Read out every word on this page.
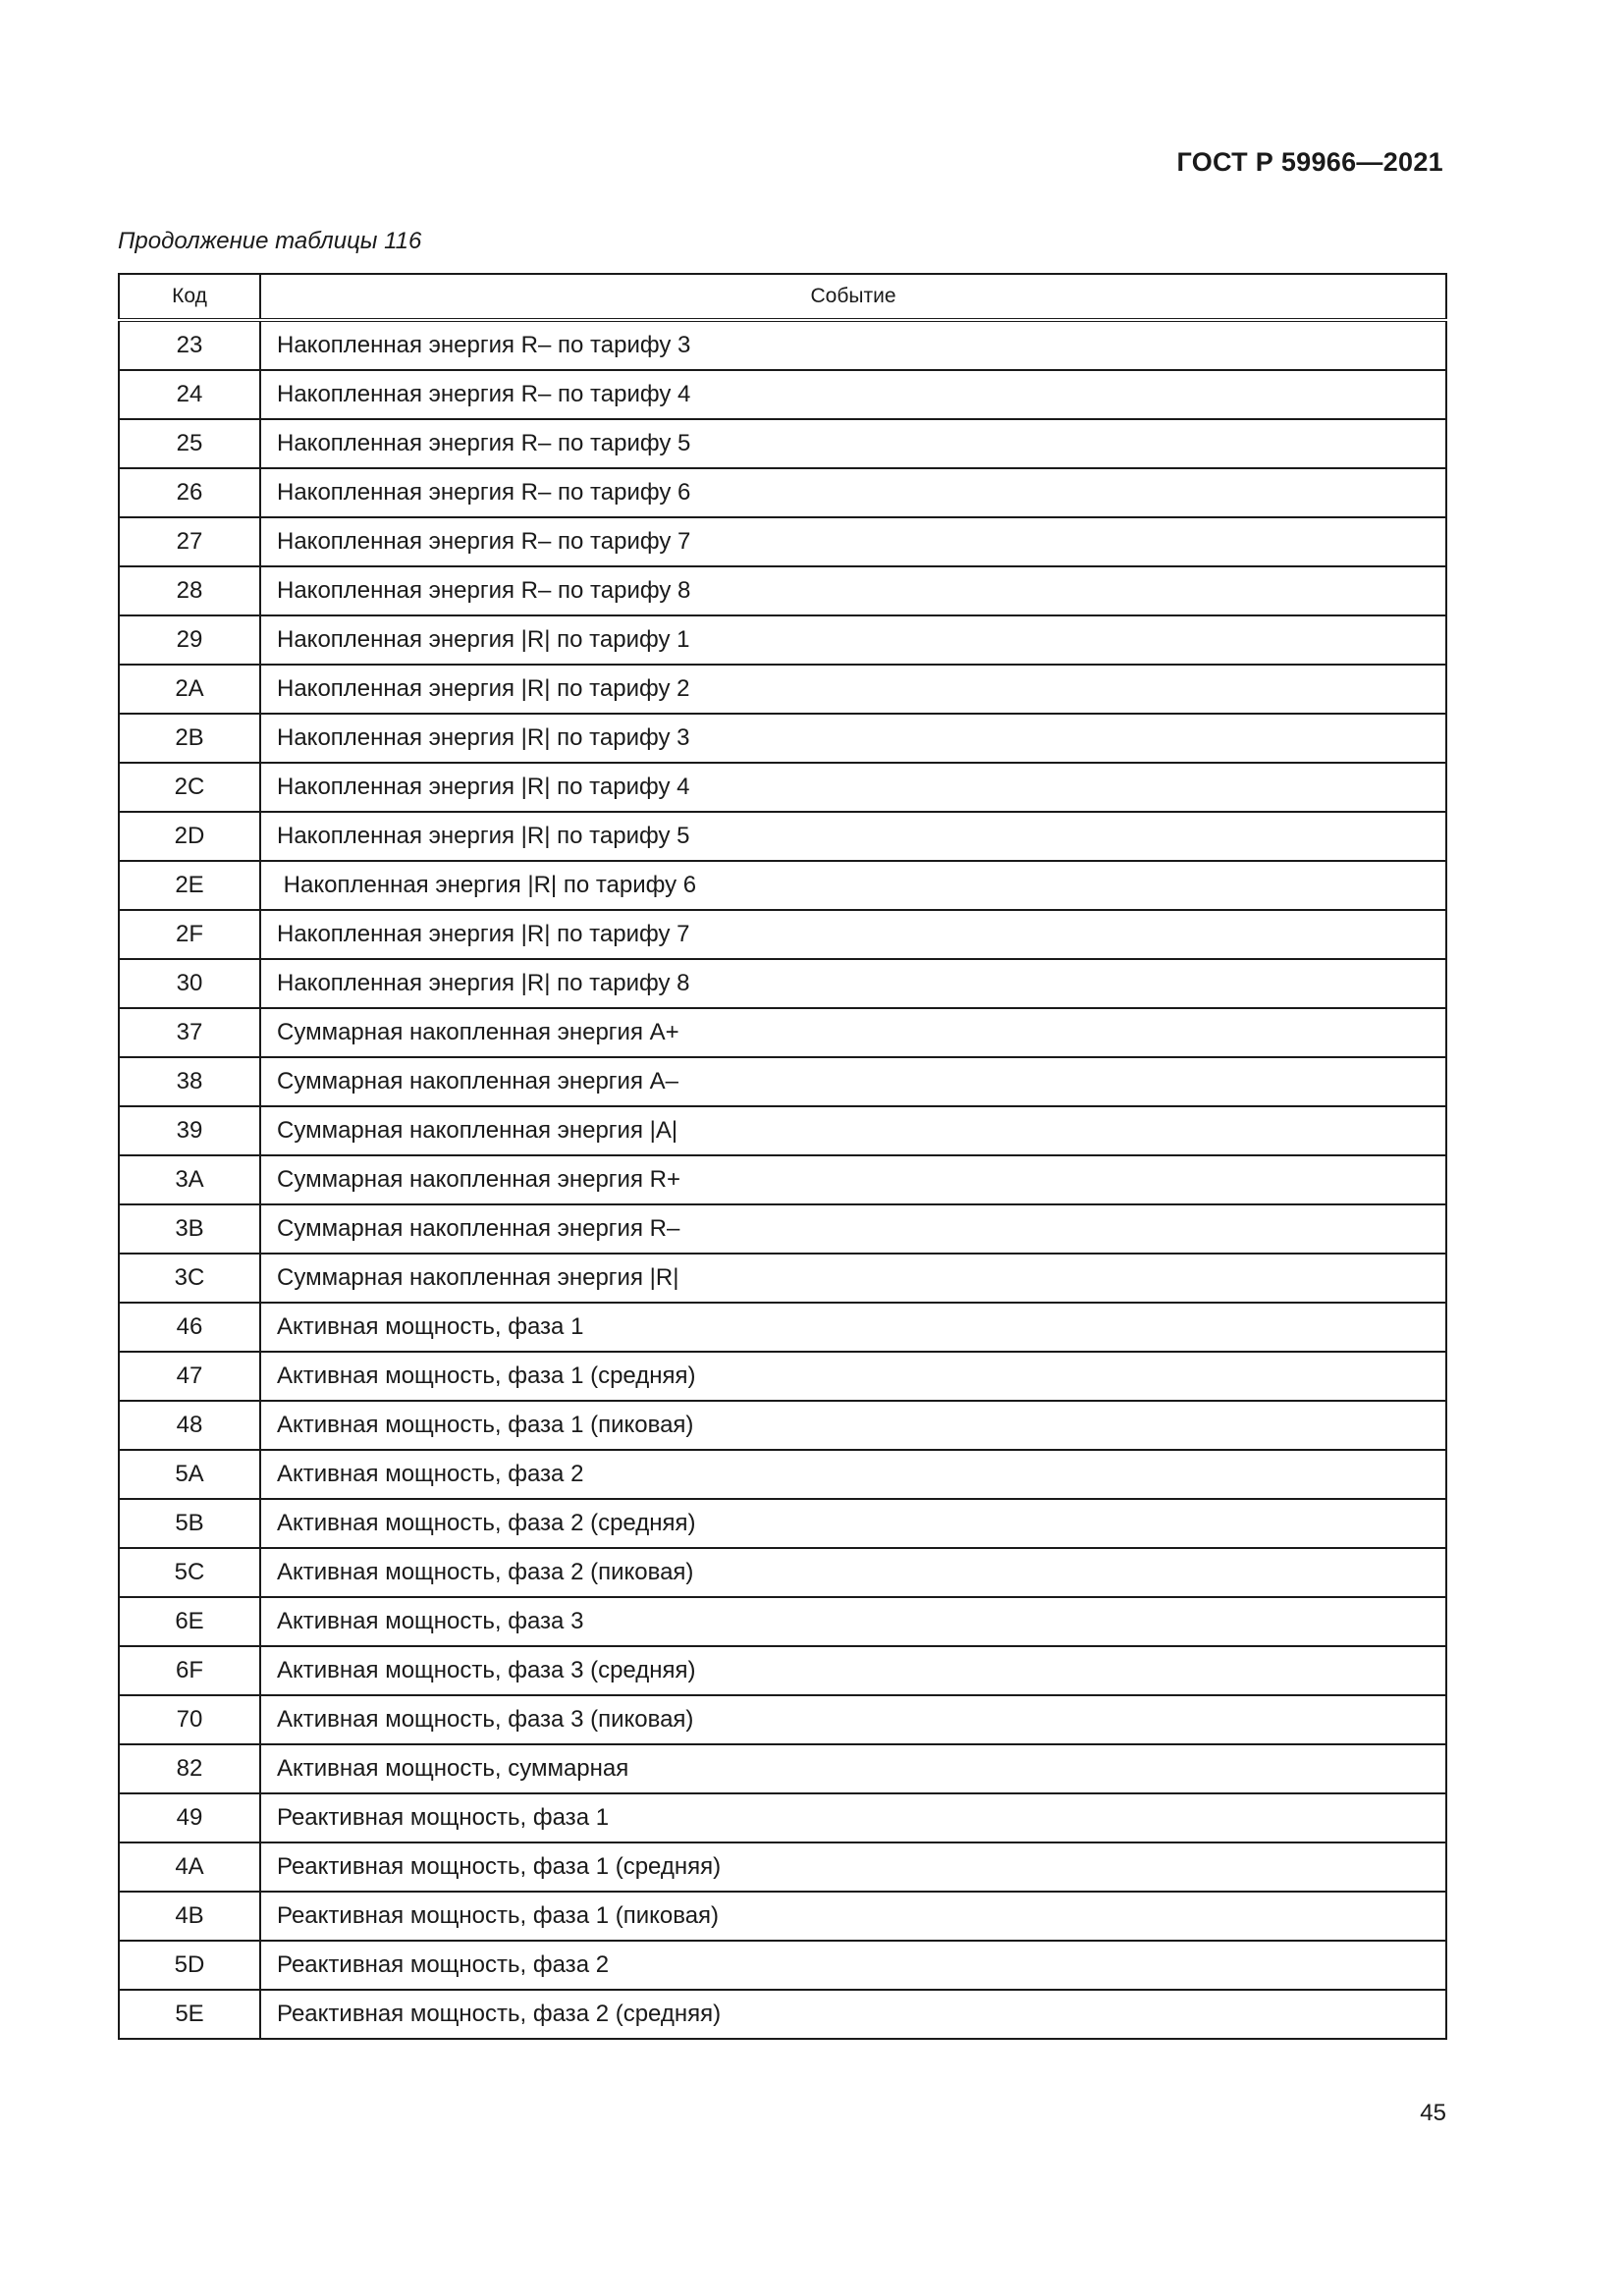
ГОСТ Р 59966—2021
Продолжение таблицы 116
Код	Событие
23	Накопленная энергия R– по тарифу 3
24	Накопленная энергия R– по тарифу 4
25	Накопленная энергия R– по тарифу 5
26	Накопленная энергия R– по тарифу 6
27	Накопленная энергия R– по тарифу 7
28	Накопленная энергия R– по тарифу 8
29	Накопленная энергия |R| по тарифу 1
2A	Накопленная энергия |R| по тарифу 2
2B	Накопленная энергия |R| по тарифу 3
2C	Накопленная энергия |R| по тарифу 4
2D	Накопленная энергия |R| по тарифу 5
2E	Накопленная энергия |R| по тарифу 6
2F	Накопленная энергия |R| по тарифу 7
30	Накопленная энергия |R| по тарифу 8
37	Суммарная накопленная энергия А+
38	Суммарная накопленная энергия А–
39	Суммарная накопленная энергия |А|
3A	Суммарная накопленная энергия R+
3B	Суммарная накопленная энергия R–
3C	Суммарная накопленная энергия |R|
46	Активная мощность, фаза 1
47	Активная мощность, фаза 1 (средняя)
48	Активная мощность, фаза 1 (пиковая)
5A	Активная мощность, фаза 2
5B	Активная мощность, фаза 2 (средняя)
5C	Активная мощность, фаза 2 (пиковая)
6E	Активная мощность, фаза 3
6F	Активная мощность, фаза 3 (средняя)
70	Активная мощность, фаза 3 (пиковая)
82	Активная мощность, суммарная
49	Реактивная мощность, фаза 1
4A	Реактивная мощность, фаза 1 (средняя)
4B	Реактивная мощность, фаза 1 (пиковая)
5D	Реактивная мощность, фаза 2
5E	Реактивная мощность, фаза 2 (средняя)
45
